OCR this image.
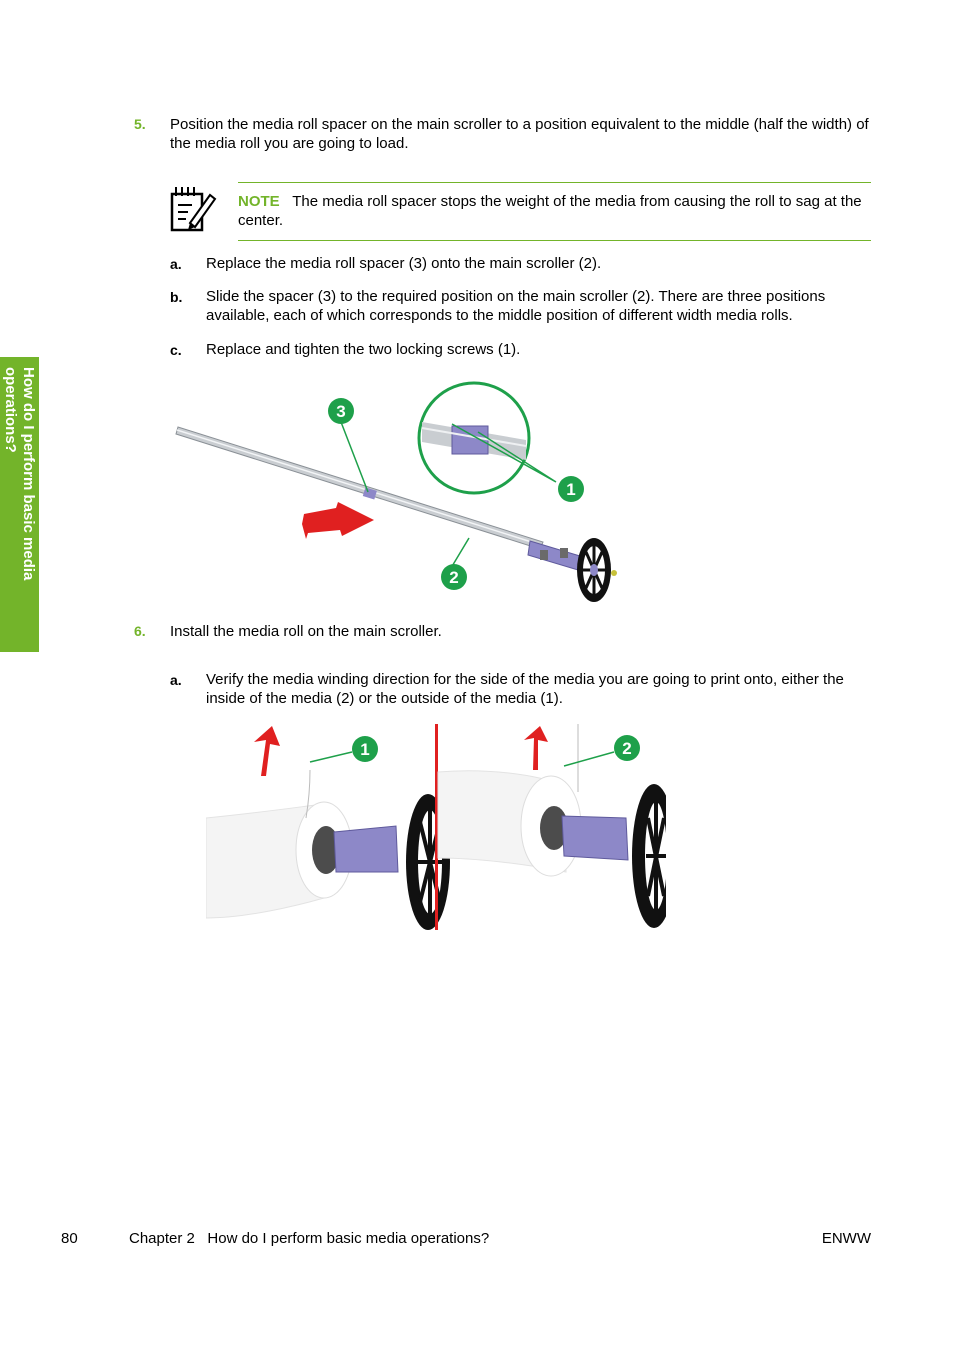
How do I perform basic media
operations?
5. Position the media roll spacer on the main scroller to a position equivalent to the middle (half the width) of the media roll you are going to load.
NOTE The media roll spacer stops the weight of the media from causing the roll to sag at the center.
a. Replace the media roll spacer (3) onto the main scroller (2).
b. Slide the spacer (3) to the required position on the main scroller (2). There are three positions available, each of which corresponds to the middle position of different width media rolls.
c. Replace and tighten the two locking screws (1).
3
1
2
6. Install the media roll on the main scroller.
a. Verify the media winding direction for the side of the media you are going to print onto, either the inside of the media (2) or the outside of the media (1).
1	2
80	Chapter 2 How do I perform basic media operations?	ENWW
